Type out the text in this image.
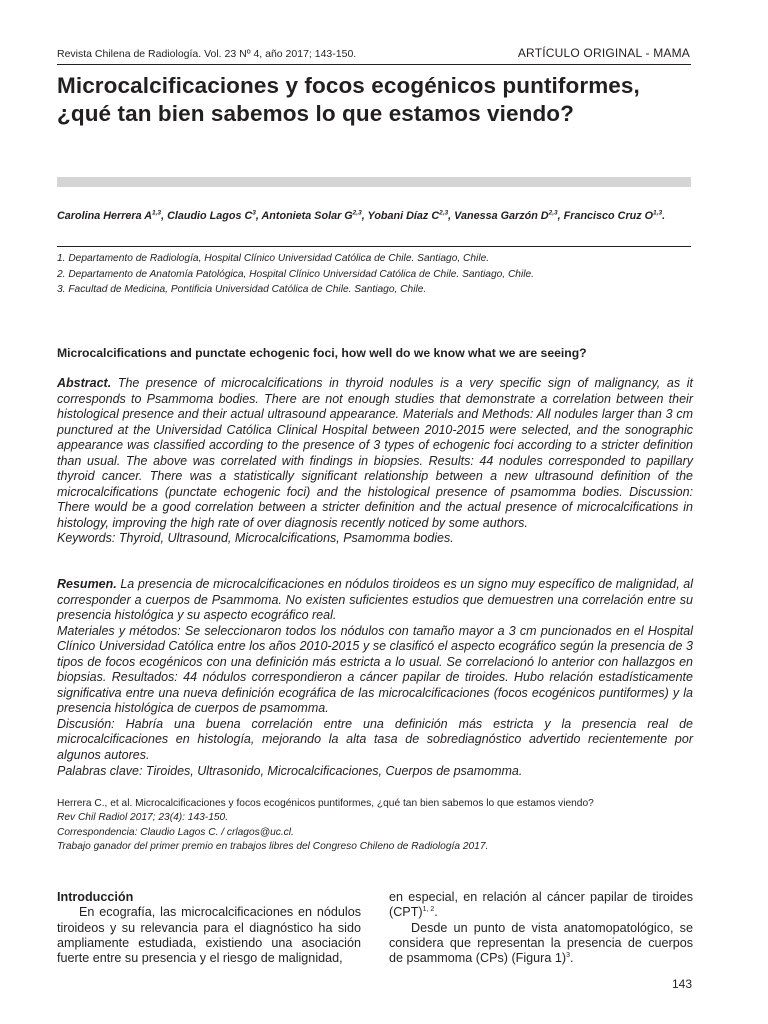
Revista Chilena de Radiología. Vol. 23 Nº 4, año 2017; 143-150.	ARTÍCULO ORIGINAL - MAMA
Microcalcificaciones y focos ecogénicos puntiformes,
¿qué tan bien sabemos lo que estamos viendo?

Carolina Herrera A$^{1,3}$, Claudio Lagos $C^3$, Antonieta Solar G$^{2,3}$, Yobani Díaz C$^{2,3}$, Vanessa Garzón D$^{2,3}$, Francisco Cruz O$^{1,3}$.

1. Departamento de Radiología, Hospital Clínico Universidad Católica de Chile. Santiago, Chile.
2. Departamento de Anatomía Patológica, Hospital Clínico Universidad Católica de Chile. Santiago, Chile.
3. Facultad de Medicina, Pontificia Universidad Católica de Chile. Santiago, Chile.
Microcalcifications and punctate echogenic foci, how well do we know what we are seeing?

Abstract. The presence of microcalcifications in thyroid nodules is a very specific sign of malignancy, as it corresponds to Psammoma bodies. There are not enough studies that demonstrate a correlation between their histological presence and their actual ultrasound appearance. Materials and Methods: All nodules larger than 3 cm punctured at the Universidad Católica Clinical Hospital between 2010-2015 were selected, and the sonographic appearance was classified according to the presence of 3 types of echogenic foci according to a stricter definition than usual. The above was correlated with findings in biopsies. Results: 44 nodules corresponded to papillary thyroid cancer. There was a statistically significant relationship between a new ultrasound definition of the microcalcifications (punctate echogenic foci) and the histological presence of psamomma bodies. Discussion: There would be a good correlation between a stricter definition and the actual presence of microcalcifications in histology, improving the high rate of over diagnosis recently noticed by some authors.
Keywords: Thyroid, Ultrasound, Microcalcifications, Psamomma bodies.

Resumen. La presencia de microcalcificaciones en nódulos tiroideos es un signo muy específico de malignidad, al corresponder a cuerpos de Psammoma. No existen suficientes estudios que demuestren una correlación entre su presencia histológica y su aspecto ecográfico real.
Materiales y métodos: Se seleccionaron todos los nódulos con tamaño mayor a 3 cm puncionados en el Hospital Clínico Universidad Católica entre los años 2010-2015 y se clasificó el aspecto ecográfico según la presencia de 3 tipos de focos ecogénicos con una definición más estricta a lo usual. Se correlacionó lo anterior con hallazgos en biopsias. Resultados: 44 nódulos correspondieron a cáncer papilar de tiroides. Hubo relación estadísticamente significativa entre una nueva definición ecográfica de las microcalcificaciones (focos ecogénicos puntiformes) y la presencia histológica de cuerpos de psamomma.
Discusión: Habría una buena correlación entre una definición más estricta y la presencia real de microcalcificaciones en histología, mejorando la alta tasa de sobrediagnóstico advertido recientemente por algunos autores.
Palabras clave: Tiroides, Ultrasonido, Microcalcificaciones, Cuerpos de psamomma.

Herrera C., et al. Microcalcificaciones y focos ecogénicos puntiformes, ¿qué tan bien sabemos lo que estamos viendo?
Rev Chil Radiol 2017; 23(4): 143-150.
Correspondencia: Claudio Lagos C. / crlagos@uc.cl.
Trabajo ganador del primer premio en trabajos libres del Congreso Chileno de Radiología 2017.
Introducción

En ecografía, las microcalcificaciones en nódulos tiroideos y su relevancia para el diagnóstico ha sido ampliamente estudiada, existiendo una asociación fuerte entre su presencia y el riesgo de malignidad,

en especial, en relación al cáncer papilar de tiroides (CPT)$^{1, 2}$.

Desde un punto de vista anatomopatológico, se considera que representan la presencia de cuerpos de psammoma (CPs) (Figura 1)$^3$.

143
